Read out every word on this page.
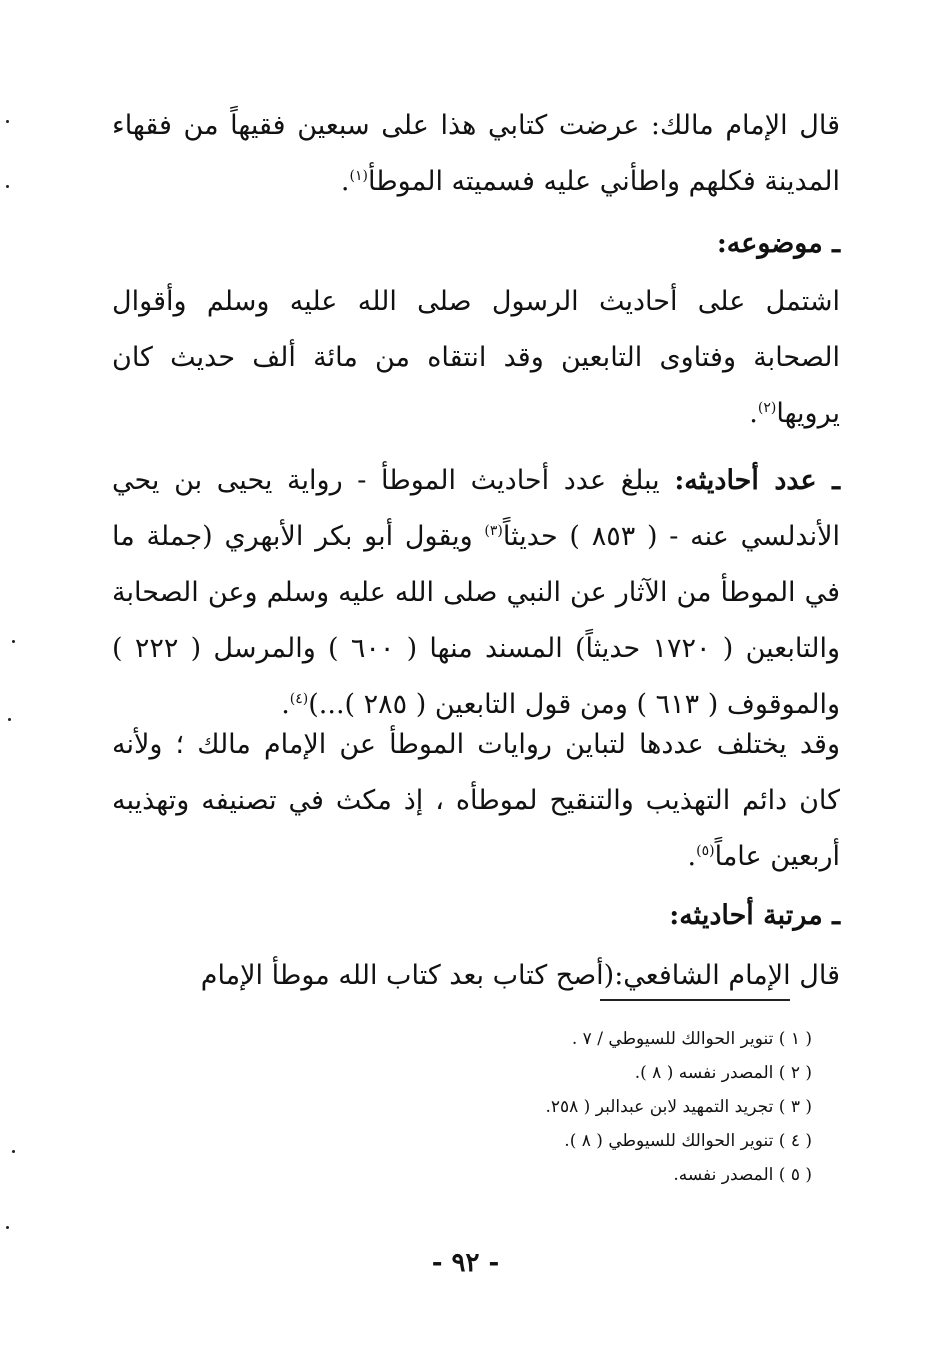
قال الإمام مالك: عرضت كتابي هذا على سبعين فقيهاً من فقهاء المدينة فكلهم واطأني عليه فسميته الموطأ$^{(١)}$.

ـ موضوعه:

اشتمل على أحاديث الرسول صلى الله عليه وسلم وأقوال الصحابة وفتاوى التابعين وقد انتقاه من مائة ألف حديث كان يرويها$^{(٢)}$.

ـ عدد أحاديثه: يبلغ عدد أحاديث الموطأ - رواية يحيى بن يحي الأندلسي عنه - ( ٨٥٣ ) حديثاً$^{(٣)}$ ويقول أبو بكر الأبهري (جملة ما في الموطأ من الآثار عن النبي صلى الله عليه وسلم وعن الصحابة والتابعين ( ١٧٢٠ حديثاً) المسند منها ( ٦٠٠ ) والمرسل ( ٢٢٢ ) والموقوف ( ٦١٣ ) ومن قول التابعين ( ٢٨٥ )...)$^{(٤)}$.

وقد يختلف عددها لتباين روايات الموطأ عن الإمام مالك ؛ ولأنه كان دائم التهذيب والتنقيح لموطأه ، إذ مكث في تصنيفه وتهذيبه أربعين عاماً$^{(٥)}$.

ـ مرتبة أحاديثه:

قال الإمام الشافعي:(أصح كتاب بعد كتاب الله موطأ الإمام

( ١ ) تنوير الحوالك للسيوطي / ٧ .
( ٢ ) المصدر نفسه ( ٨ ).
( ٣ ) تجريد التمهيد لابن عبدالبر ( ٢٥٨.
( ٤ ) تنوير الحوالك للسيوطي ( ٨ ).
( ٥ ) المصدر نفسه.
- ٩٢ -
